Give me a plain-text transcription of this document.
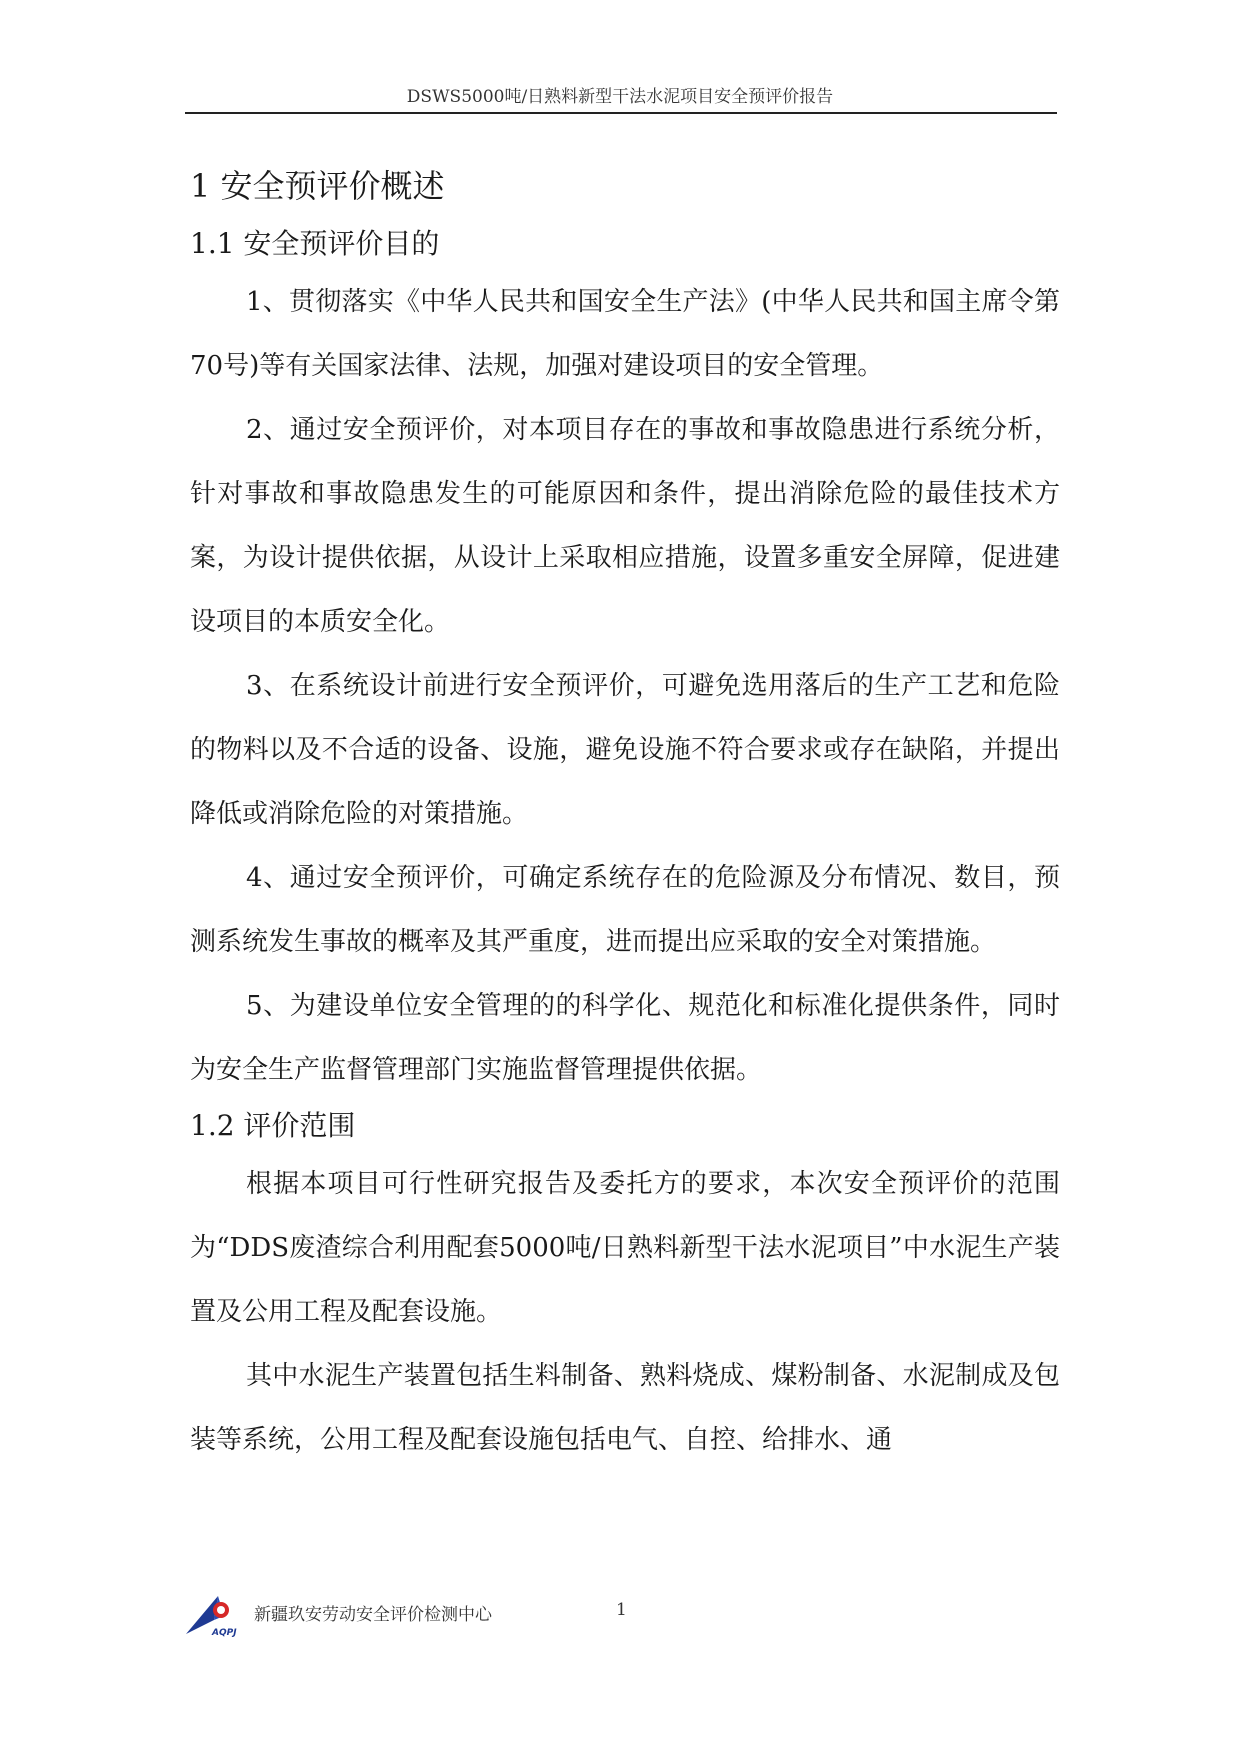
DSWS5000吨/日熟料新型干法水泥项目安全预评价报告
1 安全预评价概述
1.1 安全预评价目的

1、贯彻落实《中华人民共和国安全生产法》(中华人民共和国主席令第70号)等有关国家法律、法规，加强对建设项目的安全管理。

2、通过安全预评价，对本项目存在的事故和事故隐患进行系统分析，针对事故和事故隐患发生的可能原因和条件，提出消除危险的最佳技术方案，为设计提供依据，从设计上采取相应措施，设置多重安全屏障，促进建设项目的本质安全化。

3、在系统设计前进行安全预评价，可避免选用落后的生产工艺和危险的物料以及不合适的设备、设施，避免设施不符合要求或存在缺陷，并提出降低或消除危险的对策措施。

4、通过安全预评价，可确定系统存在的危险源及分布情况、数目，预测系统发生事故的概率及其严重度，进而提出应采取的安全对策措施。

5、为建设单位安全管理的的科学化、规范化和标准化提供条件，同时为安全生产监督管理部门实施监督管理提供依据。

1.2 评价范围

根据本项目可行性研究报告及委托方的要求，本次安全预评价的范围为“DDS废渣综合利用配套5000吨/日熟料新型干法水泥项目”中水泥生产装置及公用工程及配套设施。

其中水泥生产装置包括生料制备、熟料烧成、煤粉制备、水泥制成及包装等系统，公用工程及配套设施包括电气、自控、给排水、通

AQPJ
新疆玖安劳动安全评价检测中心	1
